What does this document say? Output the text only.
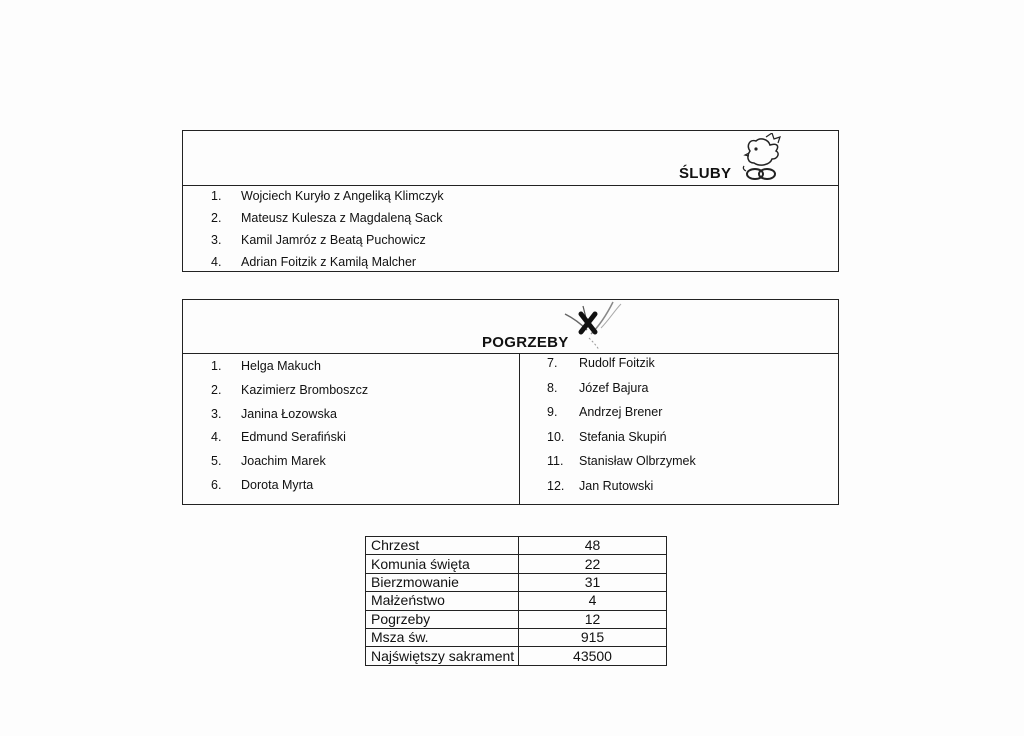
ŚLUBY
1. Wojciech Kuryło z Angeliką Klimczyk
2. Mateusz Kulesza z Magdaleną Sack
3. Kamil Jamróz z Beatą Puchowicz
4. Adrian Foitzik z Kamilą Malcher
POGRZEBY
1. Helga Makuch
2. Kazimierz Bromboszcz
3. Janina Łozowska
4. Edmund Serafiński
5. Joachim Marek
6. Dorota Myrta
7. Rudolf Foitzik
8. Józef Bajura
9. Andrzej Brener
10. Stefania Skupiń
11. Stanisław Olbrzymek
12. Jan Rutowski
Chrzest	48
Komunia święta	22
Bierzmowanie	31
Małżeństwo	4
Pogrzeby	12
Msza św.	915
Najświętszy sakrament	43500
